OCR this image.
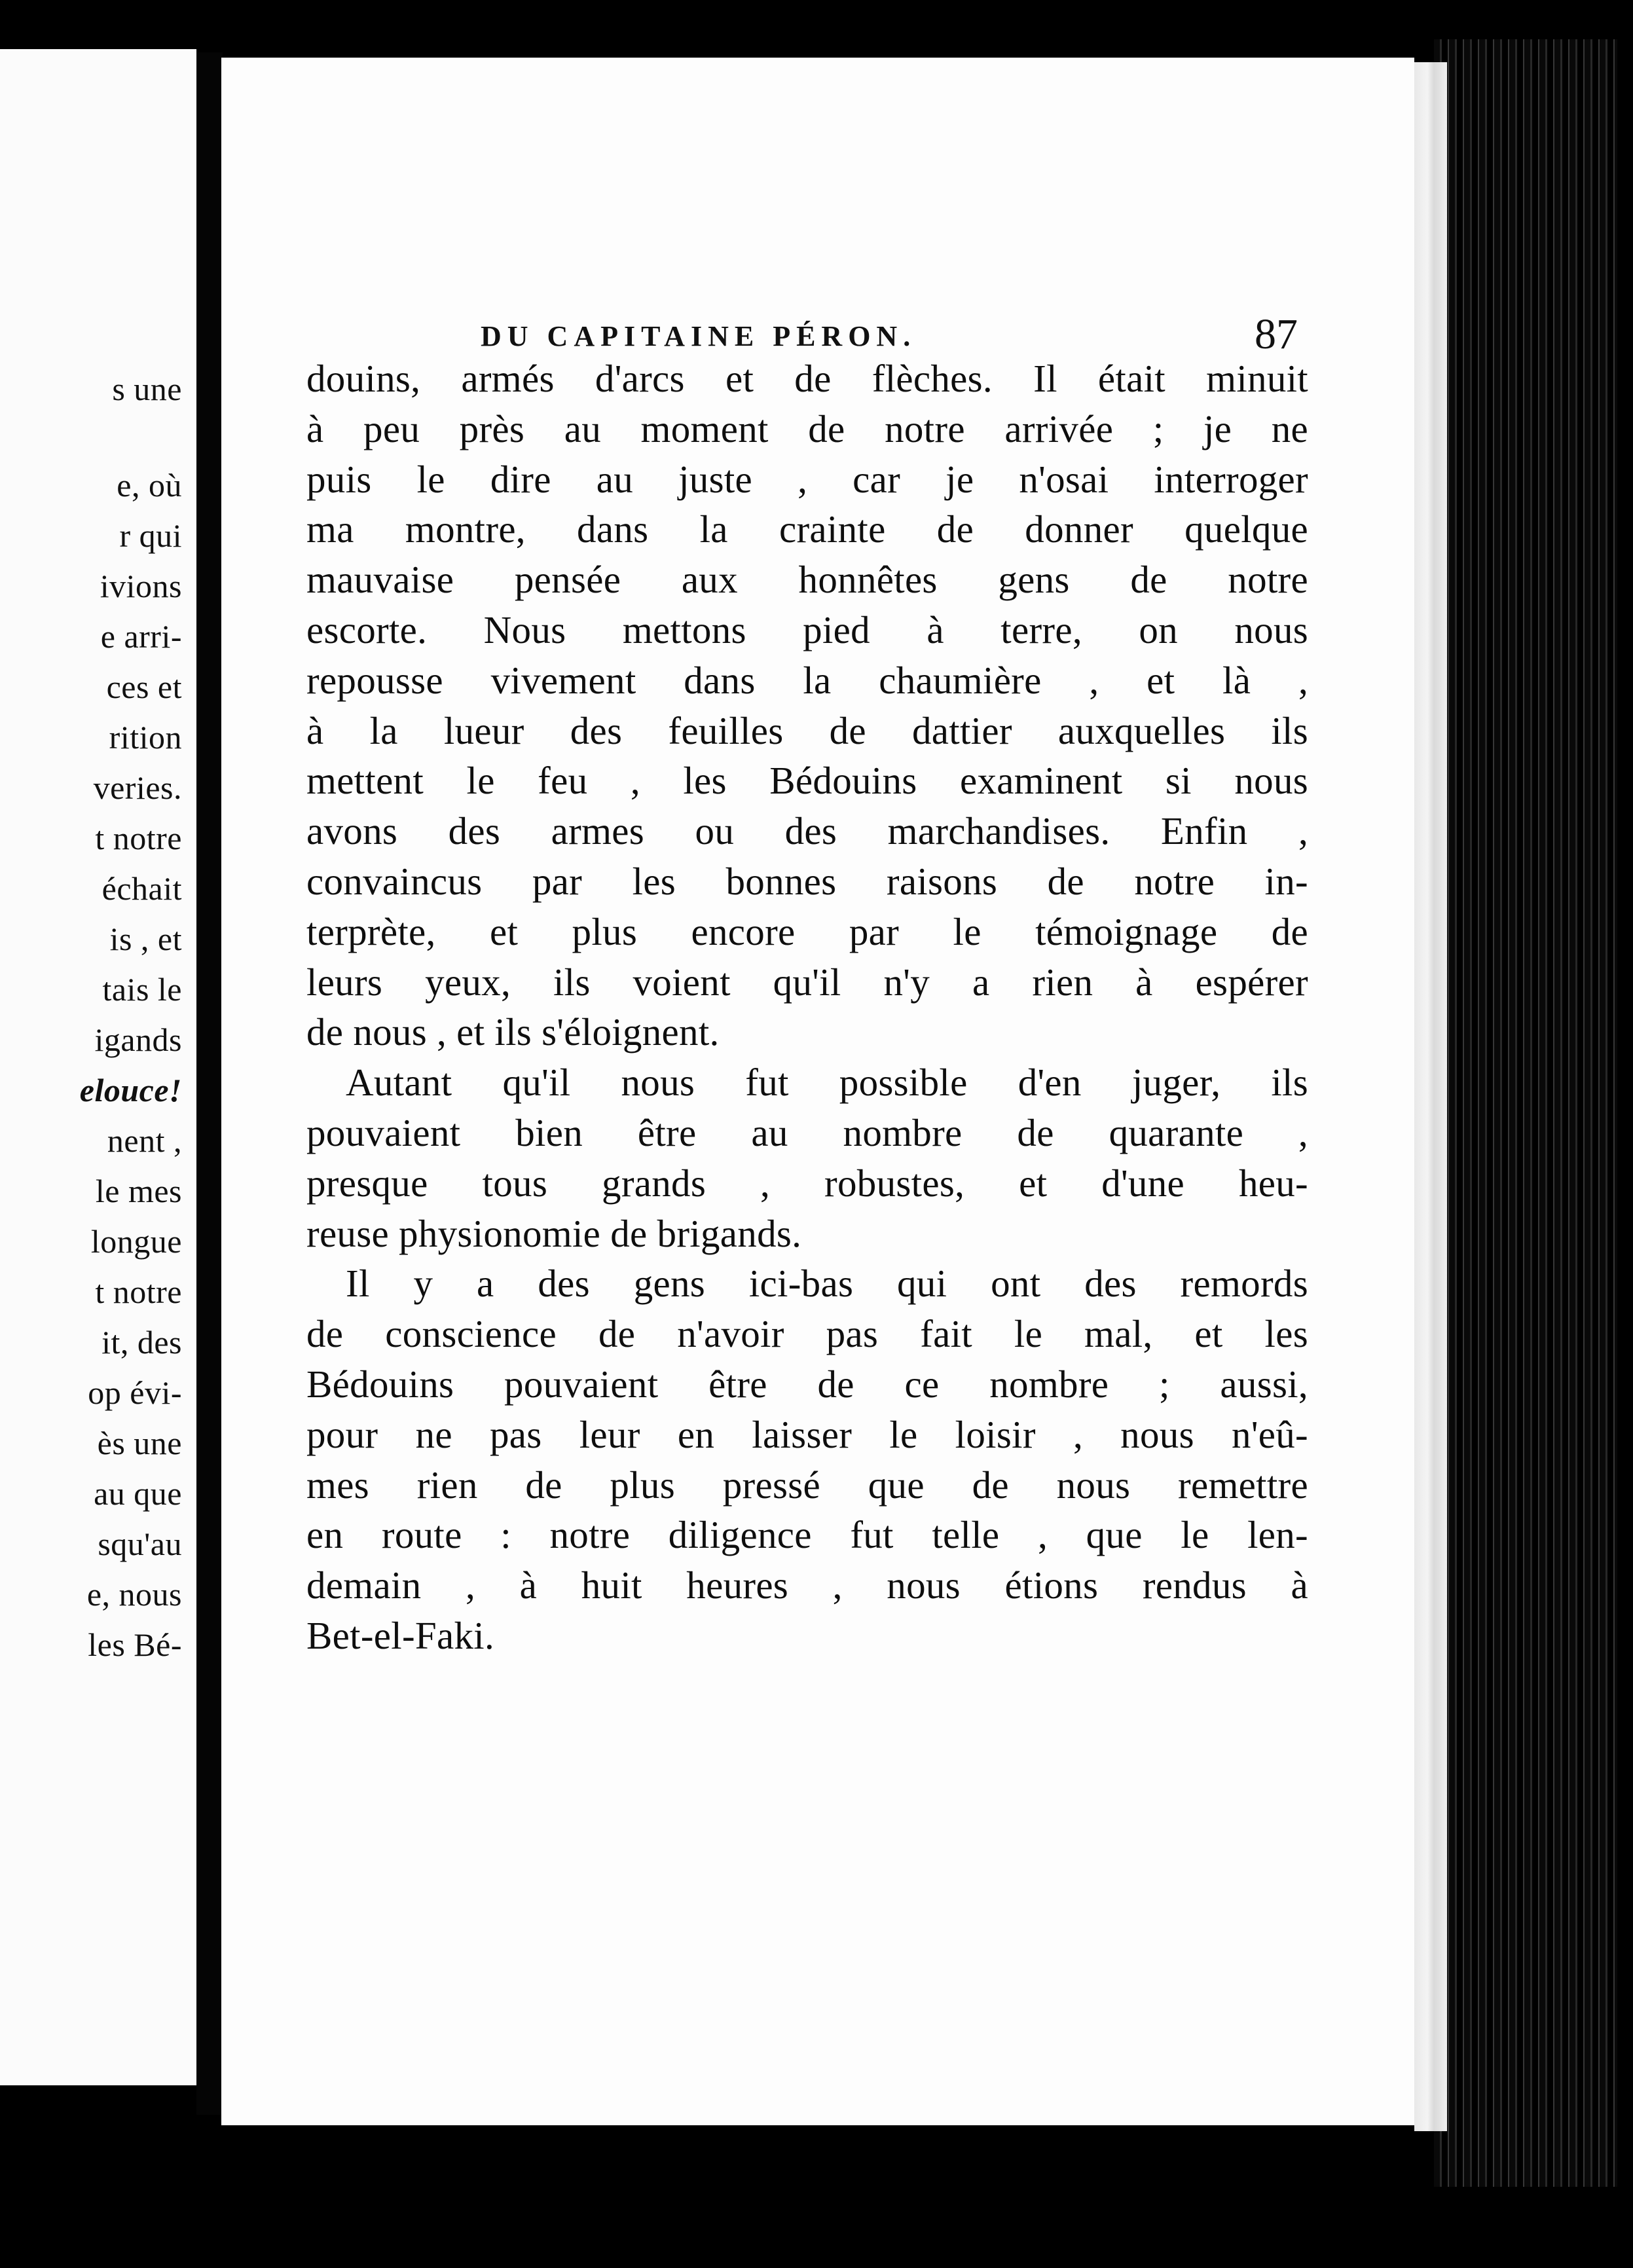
s une
e, où
r qui
ivions
e arri-
ces et
rition
veries.
t notre
échait
is , et
tais le
igands
elouce!
nent ,
le mes
longue
t notre
it, des
op évi-
ès une
au que
squ'au
e, nous
les Bé-
DU CAPITAINE PÉRON.	87
douins, armés d'arcs et de flèches. Il était minuit
à peu près au moment de notre arrivée ; je ne
puis le dire au juste , car je n'osai interroger
ma montre, dans la crainte de donner quelque
mauvaise pensée aux honnêtes gens de notre
escorte. Nous mettons pied à terre, on nous
repousse vivement dans la chaumière , et là ,
à la lueur des feuilles de dattier auxquelles ils
mettent le feu , les Bédouins examinent si nous
avons des armes ou des marchandises. Enfin ,
convaincus par les bonnes raisons de notre in-
terprète, et plus encore par le témoignage de
leurs yeux, ils voient qu'il n'y a rien à espérer
de nous , et ils s'éloignent.
Autant qu'il nous fut possible d'en juger, ils
pouvaient bien être au nombre de quarante ,
presque tous grands , robustes, et d'une heu-
reuse physionomie de brigands.
Il y a des gens ici-bas qui ont des remords
de conscience de n'avoir pas fait le mal, et les
Bédouins pouvaient être de ce nombre ; aussi,
pour ne pas leur en laisser le loisir , nous n'eû-
mes rien de plus pressé que de nous remettre
en route : notre diligence fut telle , que le len-
demain , à huit heures , nous étions rendus à
Bet-el-Faki.
